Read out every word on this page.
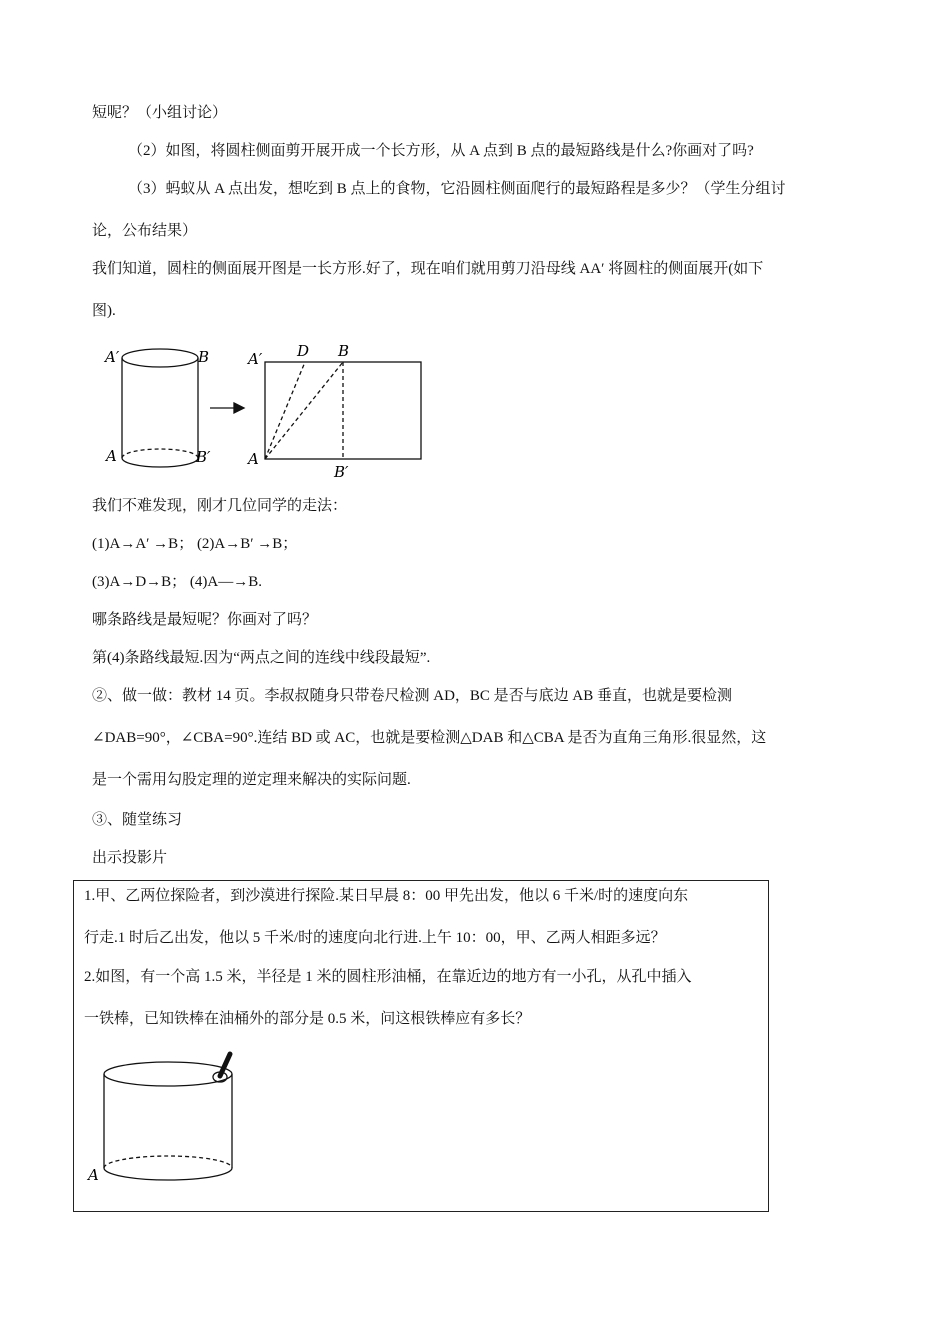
短呢？（小组讨论）
（2）如图，将圆柱侧面剪开展开成一个长方形，从 A 点到 B 点的最短路线是什么?你画对了吗?
（3）蚂蚁从 A 点出发，想吃到 B 点上的食物，它沿圆柱侧面爬行的最短路程是多少？（学生分组讨
论，公布结果）
我们知道，圆柱的侧面展开图是一长方形.好了，现在咱们就用剪刀沿母线 AA′ 将圆柱的侧面展开(如下
图).
A′	B
A	B′
A′ D B
A
B′
我们不难发现，刚才几位同学的走法：
(1)A→A′ →B； (2)A→B′ →B；
(3)A→D→B； (4)A—→B.
哪条路线是最短呢？你画对了吗？
第(4)条路线最短.因为“两点之间的连线中线段最短”.
②、做一做：教材 14 页。李叔叔随身只带卷尺检测 AD，BC 是否与底边 AB 垂直，也就是要检测
∠DAB=90°，∠CBA=90°.连结 BD 或 AC，也就是要检测△DAB 和△CBA 是否为直角三角形.很显然，这
是一个需用勾股定理的逆定理来解决的实际问题.
③、随堂练习
出示投影片
1.甲、乙两位探险者，到沙漠进行探险.某日早晨 8：00 甲先出发，他以 6 千米/时的速度向东
行走.1 时后乙出发，他以 5 千米/时的速度向北行进.上午 10：00，甲、乙两人相距多远？
2.如图，有一个高 1.5 米，半径是 1 米的圆柱形油桶，在靠近边的地方有一小孔，从孔中插入
一铁棒，已知铁棒在油桶外的部分是 0.5 米，问这根铁棒应有多长？
A
